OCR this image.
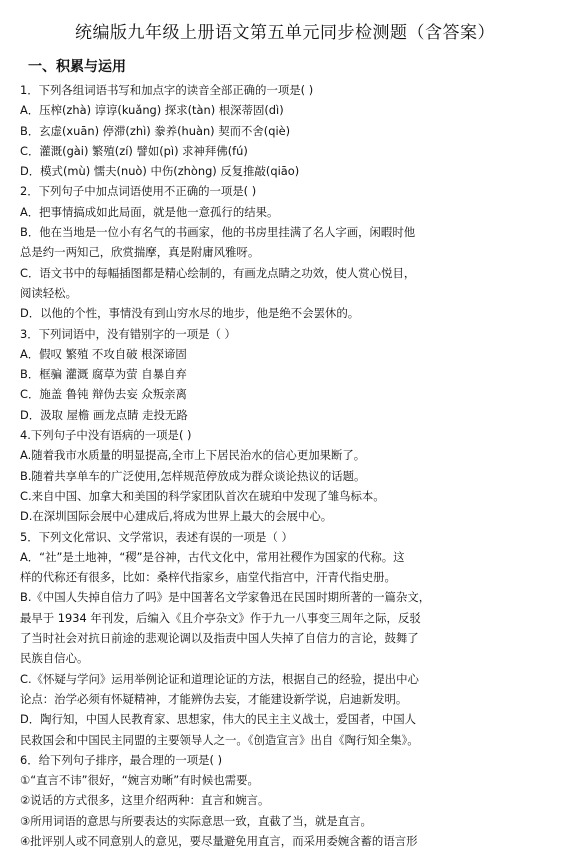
统编版九年级上册语文第五单元同步检测题（含答案）
一、积累与运用
1．下列各组词语书写和加点字的读音全部正确的一项是( )
A．压榨(zhà) 谆谆(kuǎng) 探求(tàn) 根深蒂固(dì)
B．玄虚(xuān) 停滞(zhì) 豢养(huàn) 契而不舍(qiè)
C．灌溉(gài) 繁殖(zí) 譬如(pì) 求神拜佛(fú)
D．模式(mù) 懦夫(nuò) 中伤(zhòng) 反复推敲(qiāo)
2．下列句子中加点词语使用不正确的一项是( )
A．把事情搞成如此局面，就是他一意孤行的结果。
B．他在当地是一位小有名气的书画家，他的书房里挂满了名人字画，闲暇时他
总是约一两知己，欣赏揣摩，真是附庸风雅呀。
C．语文书中的每幅插图都是精心绘制的，有画龙点睛之功效，使人赏心悦目，
阅读轻松。
D．以他的个性，事情没有到山穷水尽的地步，他是绝不会罢休的。
3．下列词语中，没有错别字的一项是（ ）
A．假叹 繁殖 不攻自破 根深谛固
B．框骗 灌溉 腐草为萤 自暴自弃
C．施盖 鲁钝 辩伪去妄 众叛亲离
D．汲取 屋檐 画龙点睛 走投无路
4.下列句子中没有语病的一项是( )
A.随着我市水质量的明显提高,全市上下居民治水的信心更加果断了。
B.随着共享单车的广泛使用,怎样规范停放成为群众谈论热议的话题。
C.来自中国、加拿大和美国的科学家团队首次在琥珀中发现了雏鸟标本。
D.在深圳国际会展中心建成后,将成为世界上最大的会展中心。
5．下列文化常识、文学常识，表述有误的一项是（ ）
A．“社”是土地神，“稷”是谷神，古代文化中，常用社稷作为国家的代称。这
样的代称还有很多，比如：桑梓代指家乡，庙堂代指宫中，汗青代指史册。
B.《中国人失掉自信力了吗》是中国著名文学家鲁迅在民国时期所著的一篇杂文，
最早于 1934 年刊发，后编入《且介亭杂文》作于九一八事变三周年之际，反驳
了当时社会对抗日前途的悲观论调以及指责中国人失掉了自信力的言论，鼓舞了
民族自信心。
C.《怀疑与学问》运用举例论证和道理论证的方法，根据自己的经验，提出中心
论点：治学必须有怀疑精神，才能辨伪去妄，才能建设新学说，启迪新发明。
D．陶行知，中国人民教育家、思想家，伟大的民主主义战士，爱国者，中国人
民救国会和中国民主同盟的主要领导人之一。《创造宣言》出自《陶行知全集》。
6．给下列句子排序，最合理的一项是( )
①“直言不讳”很好，“婉言劝晰”有时候也需要。
②说话的方式很多，这里介绍两种：直言和婉言。
③所用词语的意思与所要表达的实际意思一致，直截了当，就是直言。
④批评别人或不同意别人的意见，要尽量避免用直言，而采用委婉含蓄的语言形
